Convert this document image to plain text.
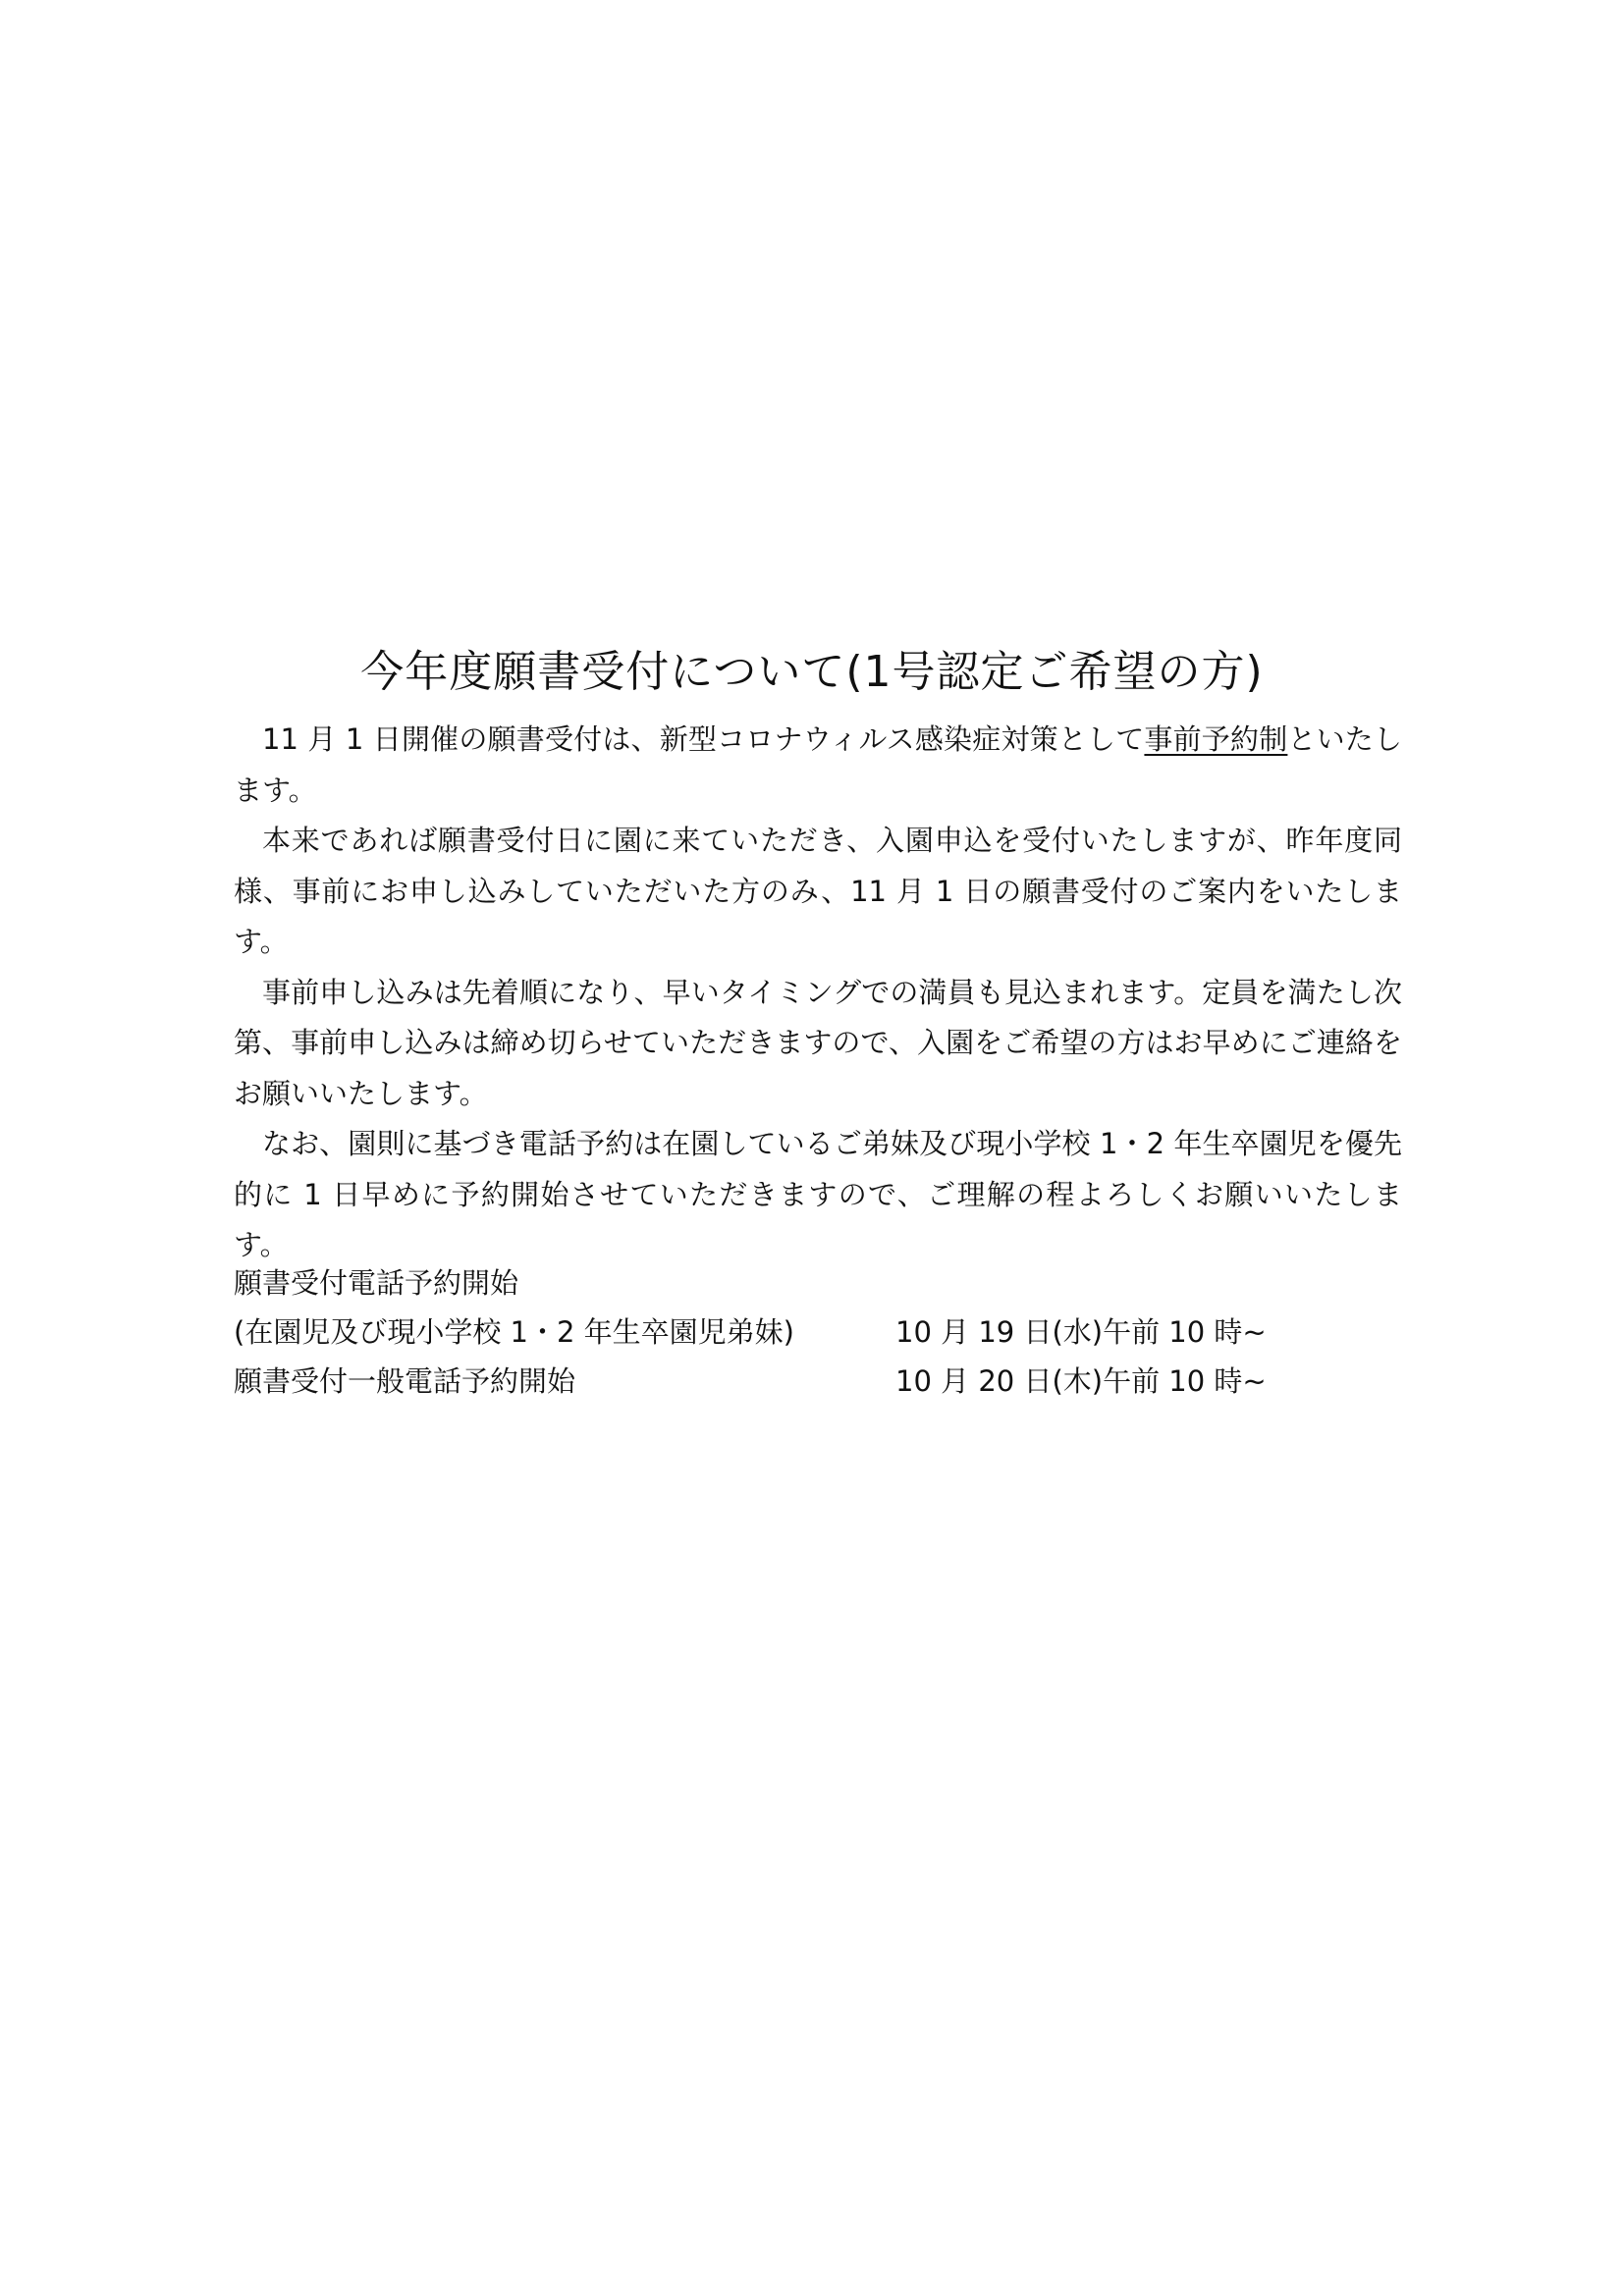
今年度願書受付について(1号認定ご希望の方)

11 月 1 日開催の願書受付は、新型コロナウィルス感染症対策として事前予約制といたします。

本来であれば願書受付日に園に来ていただき、入園申込を受付いたしますが、昨年度同様、事前にお申し込みしていただいた方のみ、11 月 1 日の願書受付のご案内をいたします。

事前申し込みは先着順になり、早いタイミングでの満員も見込まれます。定員を満たし次第、事前申し込みは締め切らせていただきますので、入園をご希望の方はお早めにご連絡をお願いいたします。

なお、園則に基づき電話予約は在園しているご弟妹及び現小学校 1・2 年生卒園児を優先的に 1 日早めに予約開始させていただきますので、ご理解の程よろしくお願いいたします。

願書受付電話予約開始
(在園児及び現小学校 1・2 年生卒園児弟妹)	10 月 19 日(水)午前 10 時~
願書受付一般電話予約開始	10 月 20 日(木)午前 10 時~
